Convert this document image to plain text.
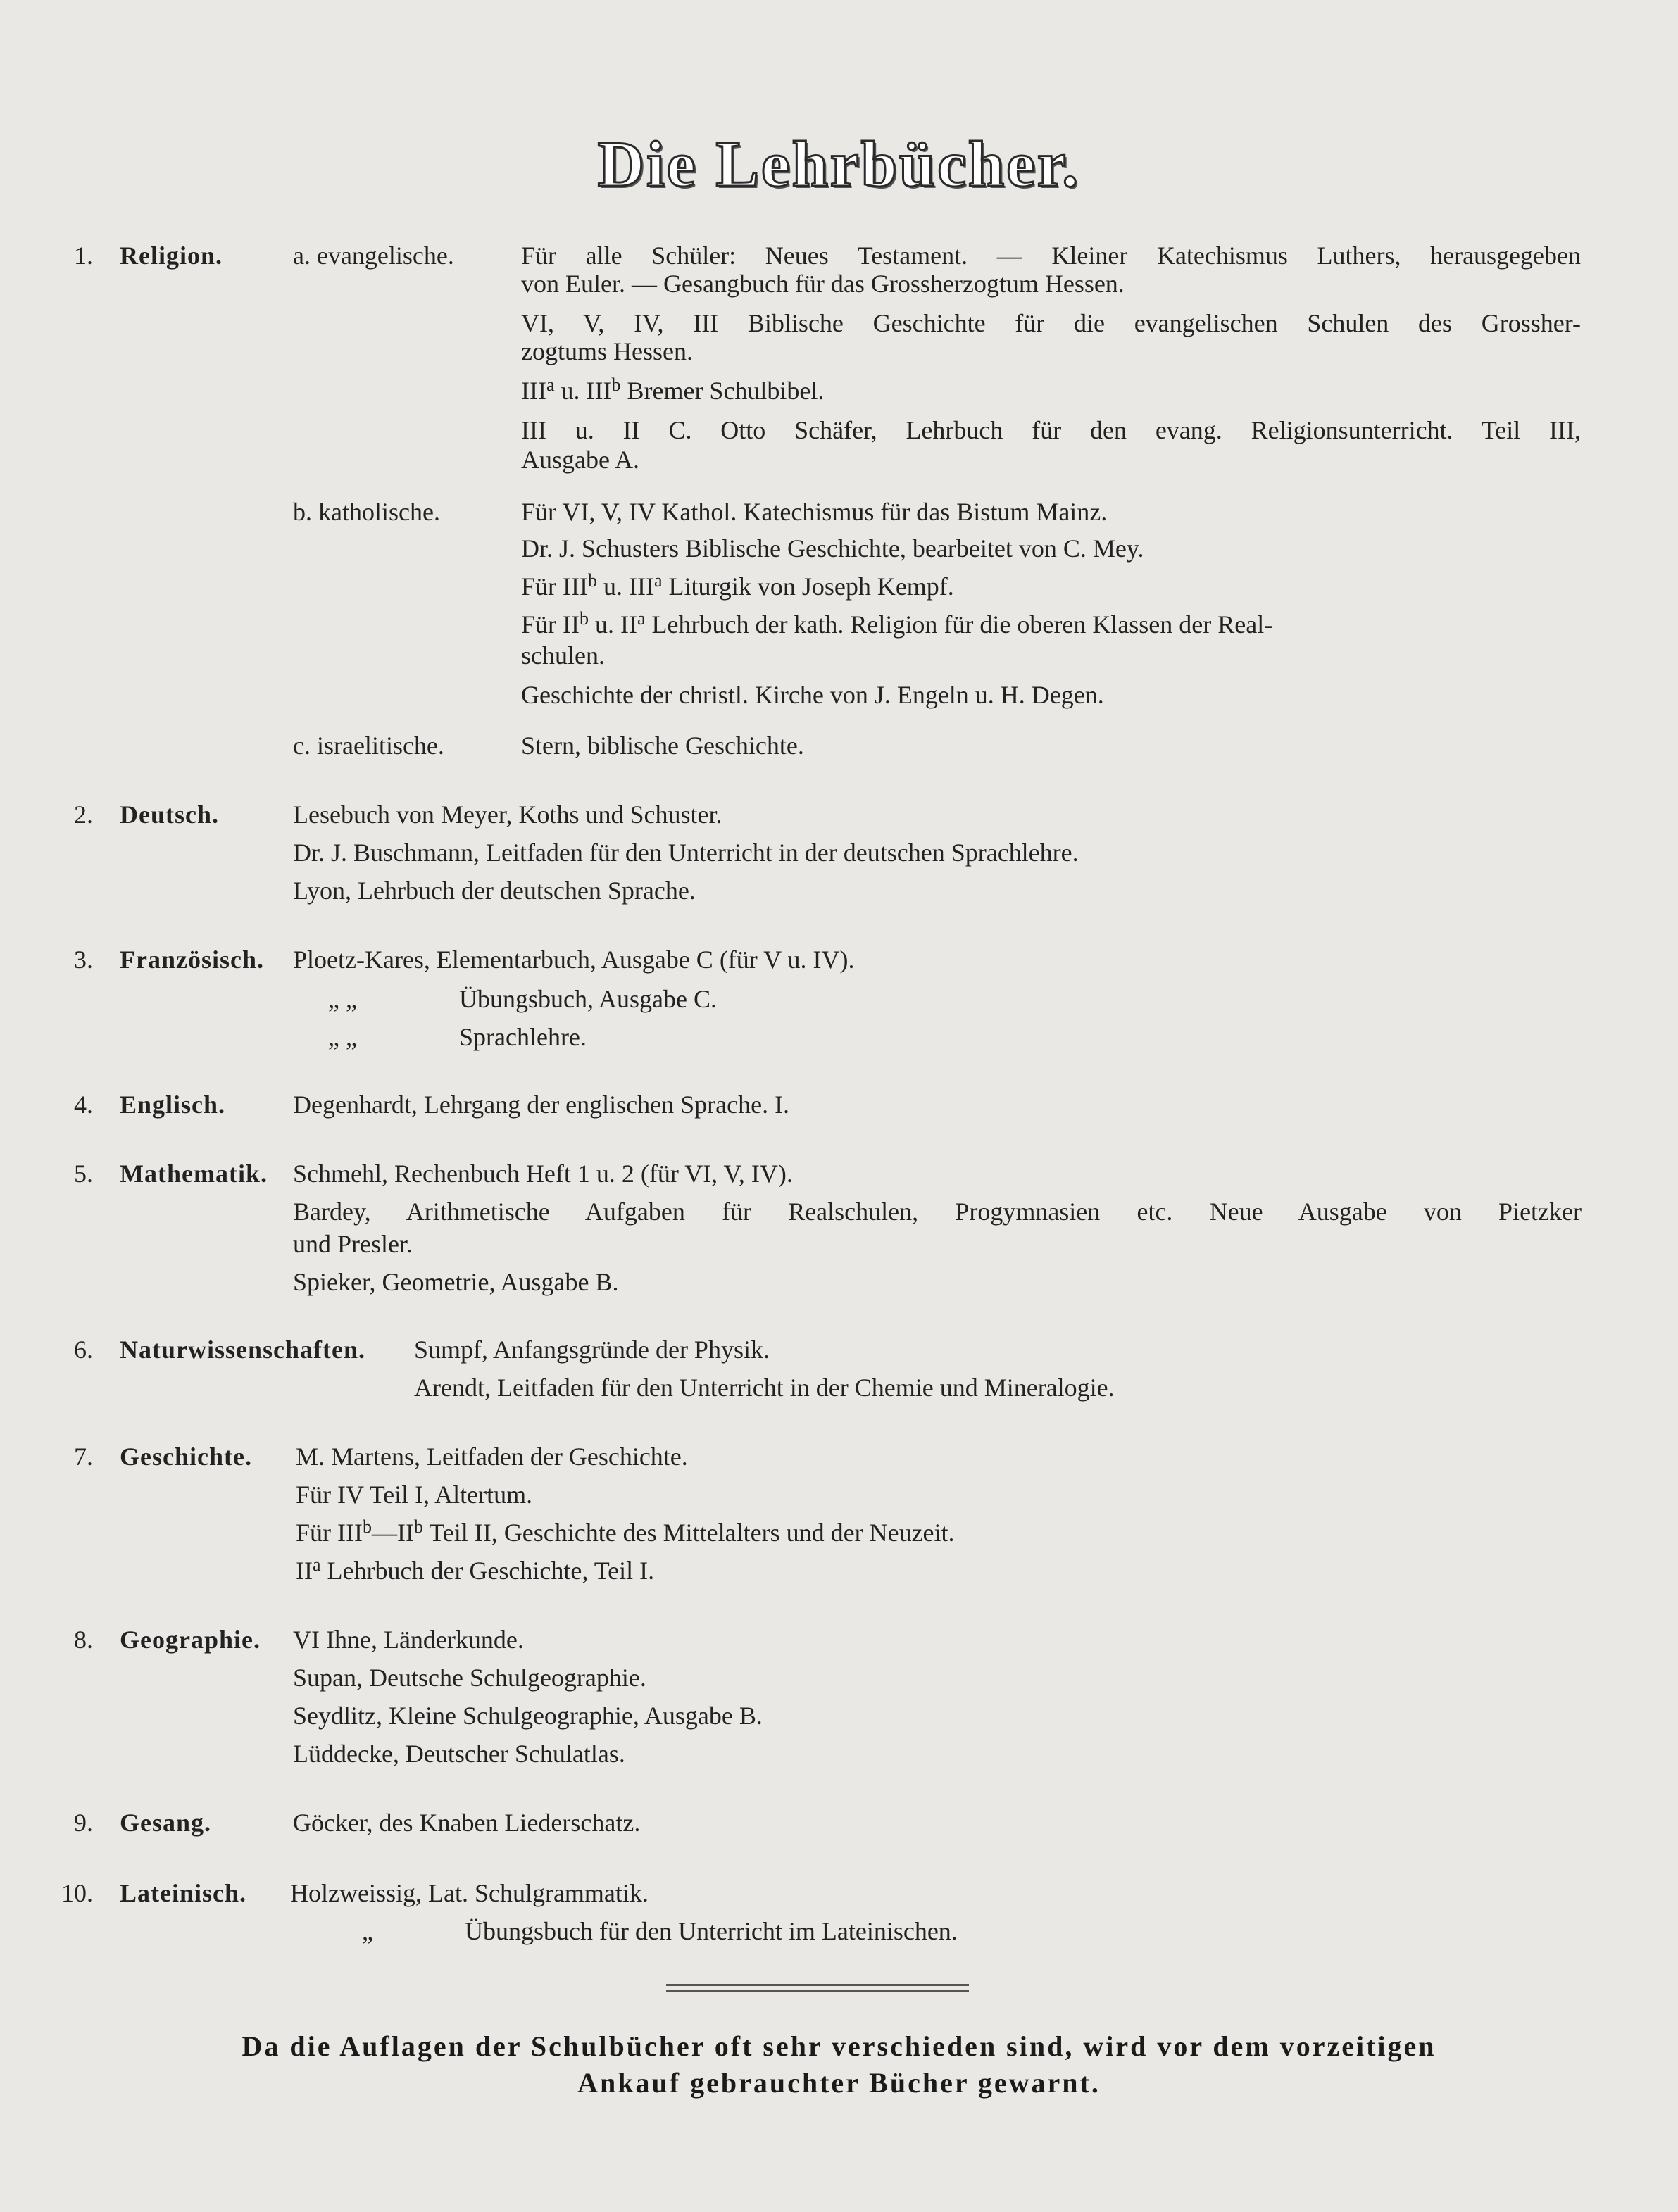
Die Lehrbücher.
1. Religion.	a. evangelische.	Für alle Schüler: Neues Testament. — Kleiner Katechismus Luthers, herausgegeben
von Euler. — Gesangbuch für das Grossherzogtum Hessen.
VI, V, IV, III Biblische Geschichte für die evangelischen Schulen des Grossher-
zogtums Hessen.
III$^a$ u. III$^b$ Bremer Schulbibel.
III u. II C. Otto Schäfer, Lehrbuch für den evang. Religionsunterricht. Teil III,
Ausgabe A.
b. katholische.	Für VI, V, IV Kathol. Katechismus für das Bistum Mainz.
Dr. J. Schusters Biblische Geschichte, bearbeitet von C. Mey.
Für III$^b$ u. III$^a$ Liturgik von Joseph Kempf.
Für $II^b$ u. $II^a$ Lehrbuch der kath. Religion für die oberen Klassen der Real-
schulen.
Geschichte der christl. Kirche von J. Engeln u. H. Degen.
c. israelitische.	Stern, biblische Geschichte.
2. Deutsch.	Lesebuch von Meyer, Koths und Schuster.
Dr. J. Buschmann, Leitfaden für den Unterricht in der deutschen Sprachlehre.
Lyon, Lehrbuch der deutschen Sprache.
3. Französisch. Ploetz-Kares, Elementarbuch, Ausgabe C (für V u. IV).
„ „	Übungsbuch, Ausgabe C.
„ „	Sprachlehre.
4. Englisch.	Degenhardt, Lehrgang der englischen Sprache. I.
5. Mathematik. Schmehl, Rechenbuch Heft 1 u. 2 (für VI, V, IV).
Bardey, Arithmetische Aufgaben für Realschulen, Progymnasien etc. Neue Ausgabe von Pietzker
und Presler.
Spieker, Geometrie, Ausgabe B.
6. Naturwissenschaften. Sumpf, Anfangsgründe der Physik.
Arendt, Leitfaden für den Unterricht in der Chemie und Mineralogie.
7. Geschichte. M. Martens, Leitfaden der Geschichte.
Für IV Teil I, Altertum.
Für $III^b—II^b$ Teil II, Geschichte des Mittelalters und der Neuzeit.
$II^a$ Lehrbuch der Geschichte, Teil I.
8. Geographie. VI Ihne, Länderkunde.
Supan, Deutsche Schulgeographie.
Seydlitz, Kleine Schulgeographie, Ausgabe B.
Lüddecke, Deutscher Schulatlas.
9. Gesang.	Göcker, des Knaben Liederschatz.
10. Lateinisch. Holzweissig, Lat. Schulgrammatik.
„	Übungsbuch für den Unterricht im Lateinischen.
Da die Auflagen der Schulbücher oft sehr verschieden sind, wird vor dem vorzeitigen
Ankauf gebrauchter Bücher gewarnt.
